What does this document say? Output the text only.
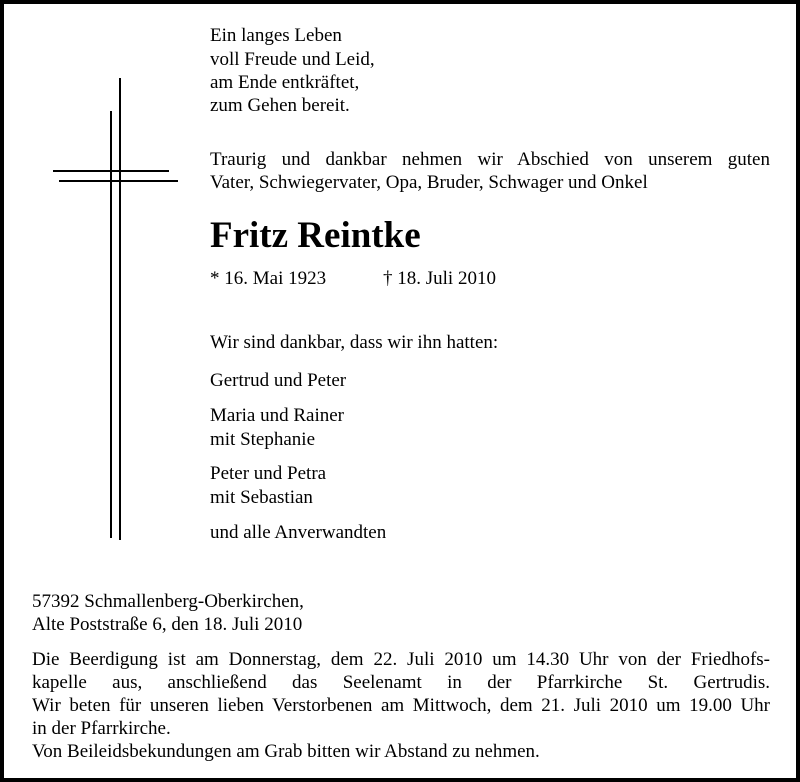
Ein langes Leben
voll Freude und Leid,
am Ende entkräftet,
zum Gehen bereit.
Traurig und dankbar nehmen wir Abschied von unserem guten
Vater, Schwiegervater, Opa, Bruder, Schwager und Onkel
Fritz Reintke
* 16. Mai 1923	† 18. Juli 2010
Wir sind dankbar, dass wir ihn hatten:
Gertrud und Peter
Maria und Rainer
mit Stephanie
Peter und Petra
mit Sebastian
und alle Anverwandten
57392 Schmallenberg-Oberkirchen,
Alte Poststraße 6, den 18. Juli 2010
Die Beerdigung ist am Donnerstag, dem 22. Juli 2010 um 14.30 Uhr von der Friedhofs-
kapelle aus, anschließend das Seelenamt in der Pfarrkirche St. Gertrudis.
Wir beten für unseren lieben Verstorbenen am Mittwoch, dem 21. Juli 2010 um 19.00 Uhr
in der Pfarrkirche.
Von Beileidsbekundungen am Grab bitten wir Abstand zu nehmen.
